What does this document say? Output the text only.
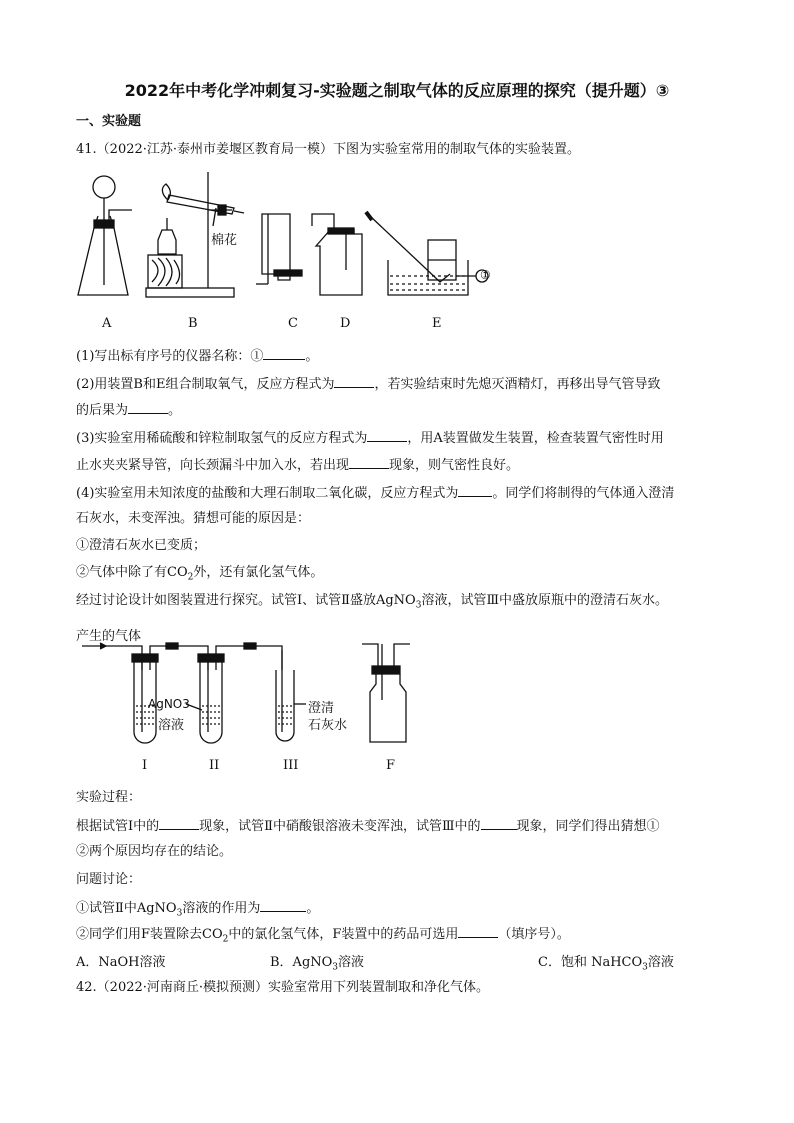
2022年中考化学冲刺复习-实验题之制取气体的反应原理的探究（提升题）③
一、实验题
41.（2022·江苏·泰州市姜堰区教育局一模）下图为实验室常用的制取气体的实验装置。
棉花
①
A	B	C	D	E
(1)写出标有序号的仪器名称：①	。
(2)用装置B和E组合制取氧气，反应方程式为	，若实验结束时先熄灭酒精灯，再移出导气管导致
的后果为	。
(3)实验室用稀硫酸和锌粒制取氢气的反应方程式为	，用A装置做发生装置，检查装置气密性时用
止水夹夹紧导管，向长颈漏斗中加入水，若出现	现象，则气密性良好。
(4)实验室用未知浓度的盐酸和大理石制取二氧化碳，反应方程式为	。同学们将制得的气体通入澄清
石灰水，未变浑浊。猜想可能的原因是：
①澄清石灰水已变质；
②气体中除了有$CO_2$外，还有氯化氢气体。
经过讨论设计如图装置进行探究。试管Ⅰ、试管Ⅱ盛放AgNO$_3$溶液，试管Ⅲ中盛放原瓶中的澄清石灰水。
产生的气体
AgNO3
溶液
澄清
石灰水
I	II	III	F
实验过程：
根据试管Ⅰ中的	现象，试管Ⅱ中硝酸银溶液未变浑浊，试管Ⅲ中的	现象，同学们得出猜想①
②两个原因均存在的结论。
问题讨论：
①试管Ⅱ中AgNO$_3$溶液的作用为	。
②同学们用F装置除去$CO_2$中的氯化氢气体，F装置中的药品可选用	（填序号）。
A．NaOH溶液	B．AgNO$_3$溶液	C．饱和 NaHCO$_3$溶液
42.（2022·河南商丘·模拟预测）实验室常用下列装置制取和净化气体。
